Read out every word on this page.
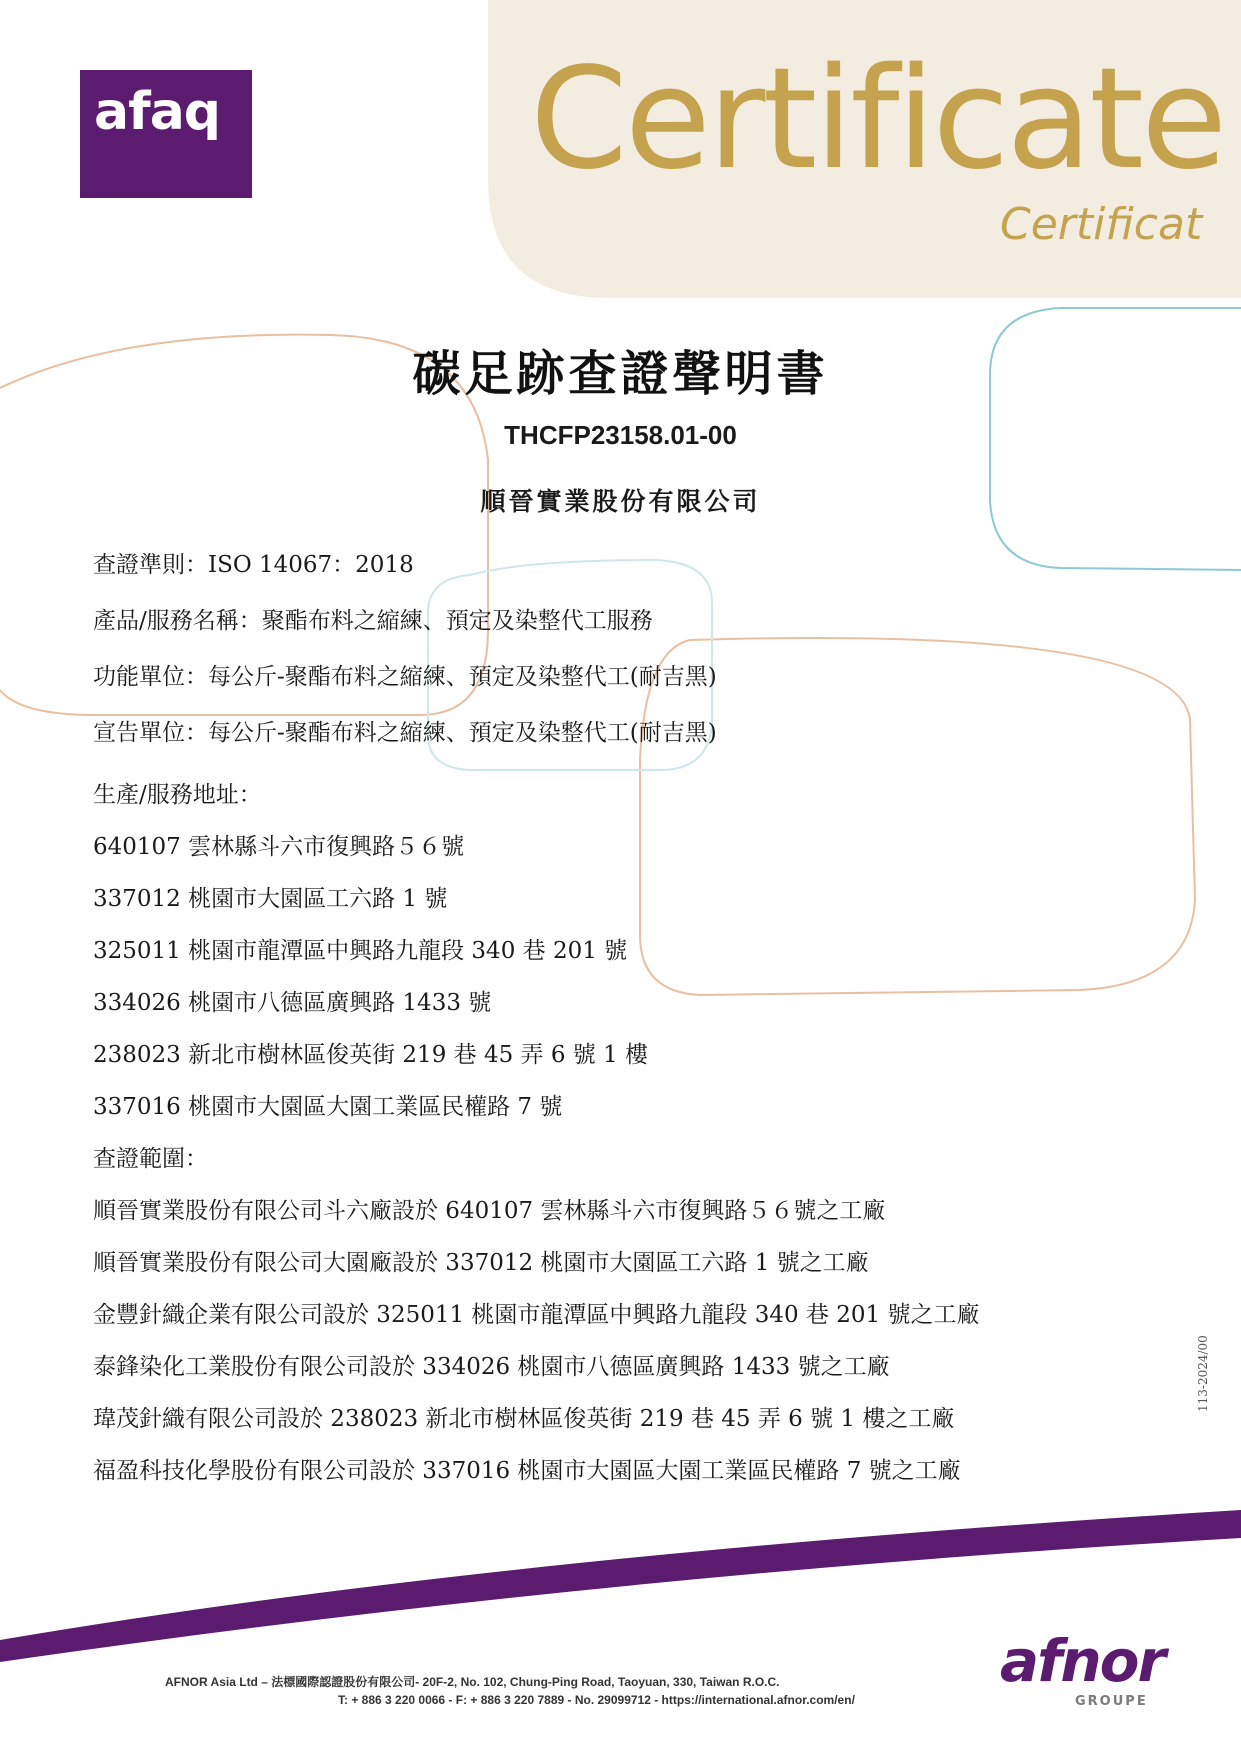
afaq Certificate
Certificat
碳足跡查證聲明書
THCFP23158.01-00
順晉實業股份有限公司
查證準則：ISO 14067：2018
產品/服務名稱：聚酯布料之縮練、預定及染整代工服務
功能單位：每公斤-聚酯布料之縮練、預定及染整代工(耐吉黑)
宣告單位：每公斤-聚酯布料之縮練、預定及染整代工(耐吉黑)
生產/服務地址：
640107 雲林縣斗六市復興路５６號
337012 桃園市大園區工六路 1 號
325011 桃園市龍潭區中興路九龍段 340 巷 201 號
334026 桃園市八德區廣興路 1433 號
238023 新北市樹林區俊英街 219 巷 45 弄 6 號 1 樓
337016 桃園市大園區大園工業區民權路 7 號
查證範圍：
順晉實業股份有限公司斗六廠設於 640107 雲林縣斗六市復興路５６號之工廠
順晉實業股份有限公司大園廠設於 337012 桃園市大園區工六路 1 號之工廠
金豐針織企業有限公司設於 325011 桃園市龍潭區中興路九龍段 340 巷 201 號之工廠
泰鋒染化工業股份有限公司設於 334026 桃園市八德區廣興路 1433 號之工廠
瑋茂針織有限公司設於 238023 新北市樹林區俊英街 219 巷 45 弄 6 號 1 樓之工廠
福盈科技化學股份有限公司設於 337016 桃園市大園區大園工業區民權路 7 號之工廠
113-2024/00
AFNOR Asia Ltd – 法標國際認證股份有限公司- 20F-2, No. 102, Chung-Ping Road, Taoyuan, 330, Taiwan R.O.C.
T: + 886 3 220 0066 - F: + 886 3 220 7889 - No. 29099712 - https://international.afnor.com/en/
afnor
GROUPE
